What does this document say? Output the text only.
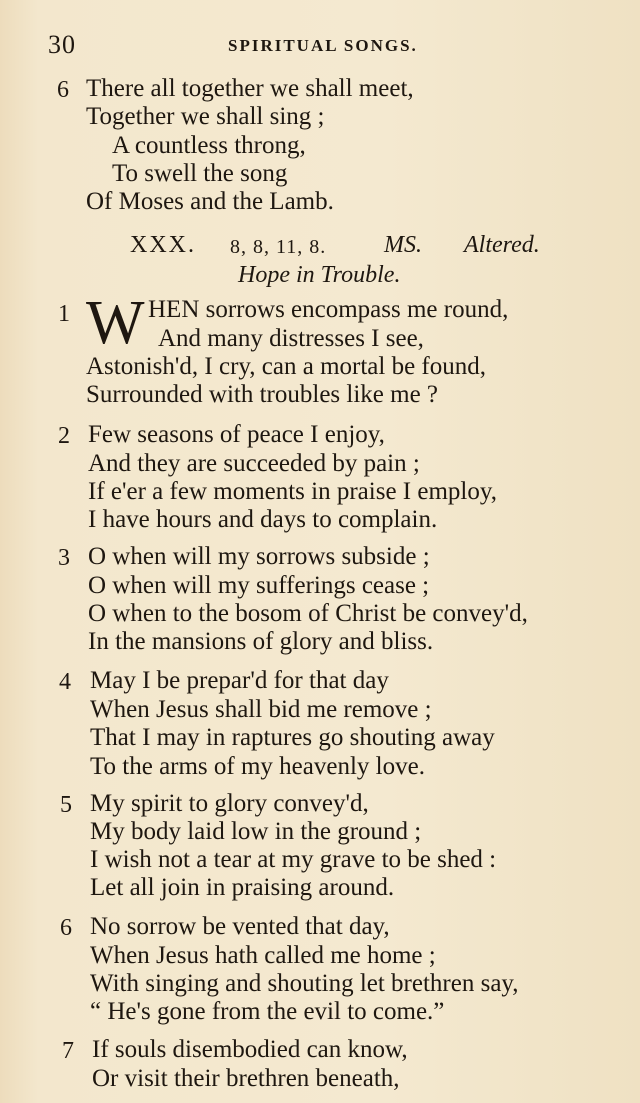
30	SPIRITUAL SONGS.
6 There all together we shall meet,
Together we shall sing ;
A countless throng,
To swell the song
Of Moses and the Lamb.
XXX. 8, 8, 11, 8. MS. Altered.
Hope in Trouble.
1 W HEN sorrows encompass me round,
And many distresses I see,
Astonish'd, I cry, can a mortal be found,
Surrounded with troubles like me ?
2 Few seasons of peace I enjoy,
And they are succeeded by pain ;
If e'er a few moments in praise I employ,
I have hours and days to complain.
3 O when will my sorrows subside ;
O when will my sufferings cease ;
O when to the bosom of Christ be convey'd,
In the mansions of glory and bliss.
4 May I be prepar'd for that day
When Jesus shall bid me remove ;
That I may in raptures go shouting away
To the arms of my heavenly love.
5 My spirit to glory convey'd,
My body laid low in the ground ;
I wish not a tear at my grave to be shed :
Let all join in praising around.
6 No sorrow be vented that day,
When Jesus hath called me home ;
With singing and shouting let brethren say,
“ He's gone from the evil to come.”
7 If souls disembodied can know,
Or visit their brethren beneath,
